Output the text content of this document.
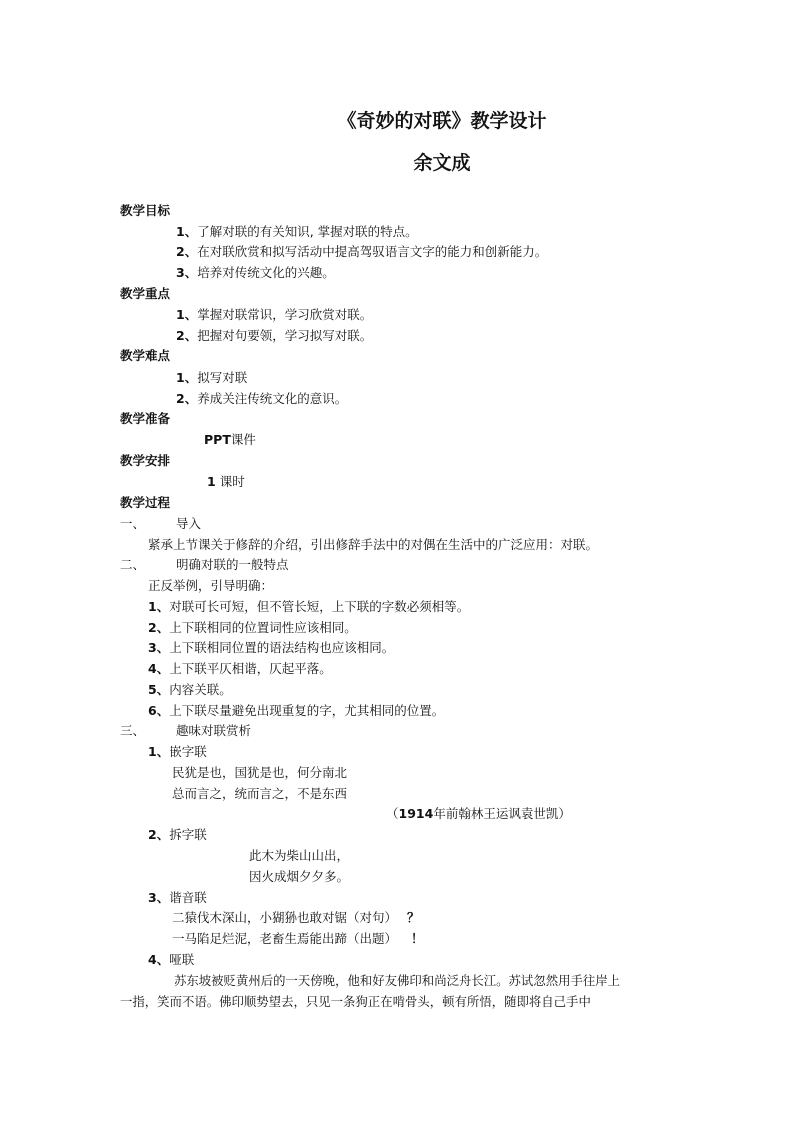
《奇妙的对联》教学设计
余文成
教学目标
1、了解对联的有关知识, 掌握对联的特点。
2、在对联欣赏和拟写活动中提高驾驭语言文字的能力和创新能力。
3、培养对传统文化的兴趣。
教学重点
1、掌握对联常识，学习欣赏对联。
2、把握对句要领，学习拟写对联。
教学难点
1、拟写对联
2、养成关注传统文化的意识。
教学准备
PPT课件
教学安排
1 课时
教学过程
一、 导入
紧承上节课关于修辞的介绍，引出修辞手法中的对偶在生活中的广泛应用：对联。
二、 明确对联的一般特点
正反举例，引导明确：
1、对联可长可短，但不管长短，上下联的字数必须相等。
2、上下联相同的位置词性应该相同。
3、上下联相同位置的语法结构也应该相同。
4、上下联平仄相谐，仄起平落。
5、内容关联。
6、上下联尽量避免出现重复的字，尤其相同的位置。
三、 趣味对联赏析
1、嵌字联
民犹是也，国犹是也，何分南北
总而言之，统而言之，不是东西
（1914年前翰林王运讽袁世凯）
2、拆字联
此木为柴山山出，
因火成烟夕夕多。
3、谐音联
二猿伐木深山，小猢狲也敢对锯（对句） ？
一马陷足烂泥，老畜生焉能出蹄（出题） ！
4、哑联
苏东坡被贬黄州后的一天傍晚，他和好友佛印和尚泛舟长江。苏试忽然用手往岸上
一指，笑而不语。佛印顺势望去，只见一条狗正在啃骨头，顿有所悟，随即将自己手中
